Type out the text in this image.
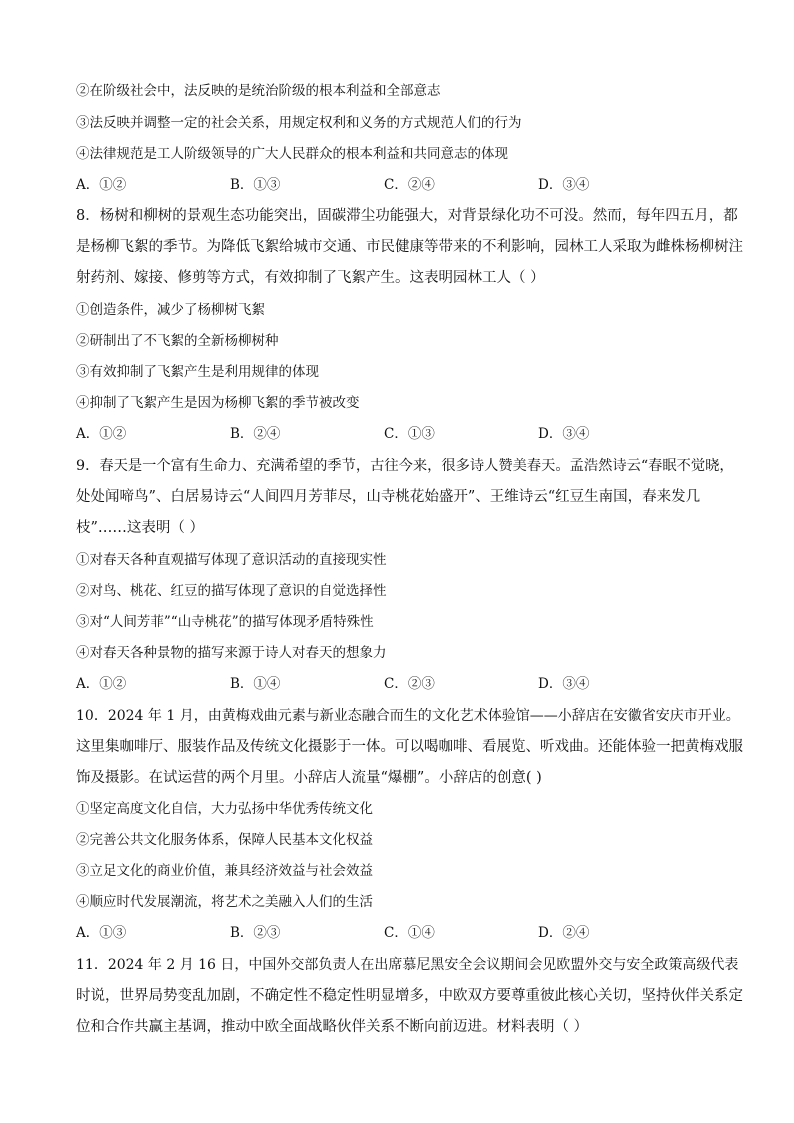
②在阶级社会中，法反映的是统治阶级的根本利益和全部意志
③法反映并调整一定的社会关系，用规定权利和义务的方式规范人们的行为
④法律规范是工人阶级领导的广大人民群众的根本利益和共同意志的体现
A．①②	B．①③	C．②④	D．③④
8．杨树和柳树的景观生态功能突出，固碳滞尘功能强大，对背景绿化功不可没。然而，每年四五月，都
是杨柳飞絮的季节。为降低飞絮给城市交通、市民健康等带来的不利影响，园林工人采取为雌株杨柳树注
射药剂、嫁接、修剪等方式，有效抑制了飞絮产生。这表明园林工人（ ）
①创造条件，减少了杨柳树飞絮
②研制出了不飞絮的全新杨柳树种
③有效抑制了飞絮产生是利用规律的体现
④抑制了飞絮产生是因为杨柳飞絮的季节被改变
A．①②	B．②④	C．①③	D．③④
9．春天是一个富有生命力、充满希望的季节，古往今来，很多诗人赞美春天。孟浩然诗云“春眠不觉晓，
处处闻啼鸟”、白居易诗云“人间四月芳菲尽，山寺桃花始盛开”、王维诗云“红豆生南国，春来发几
枝”……这表明（ ）
①对春天各种直观描写体现了意识活动的直接现实性
②对鸟、桃花、红豆的描写体现了意识的自觉选择性
③对“人间芳菲”“山寺桃花”的描写体现矛盾特殊性
④对春天各种景物的描写来源于诗人对春天的想象力
A．①②	B．①④	C．②③	D．③④
10．2024 年 1 月，由黄梅戏曲元素与新业态融合而生的文化艺术体验馆——小辞店在安徽省安庆市开业。
这里集咖啡厅、服装作品及传统文化摄影于一体。可以喝咖啡、看展览、听戏曲。还能体验一把黄梅戏服
饰及摄影。在试运营的两个月里。小辞店人流量“爆棚”。小辞店的创意( )
①坚定高度文化自信，大力弘扬中华优秀传统文化
②完善公共文化服务体系，保障人民基本文化权益
③立足文化的商业价值，兼具经济效益与社会效益
④顺应时代发展潮流，将艺术之美融入人们的生活
A．①③	B．②③	C．①④	D．②④
11．2024 年 2 月 16 日，中国外交部负责人在出席慕尼黑安全会议期间会见欧盟外交与安全政策高级代表
时说，世界局势变乱加剧，不确定性不稳定性明显增多，中欧双方要尊重彼此核心关切，坚持伙伴关系定
位和合作共赢主基调，推动中欧全面战略伙伴关系不断向前迈进。材料表明（ ）
